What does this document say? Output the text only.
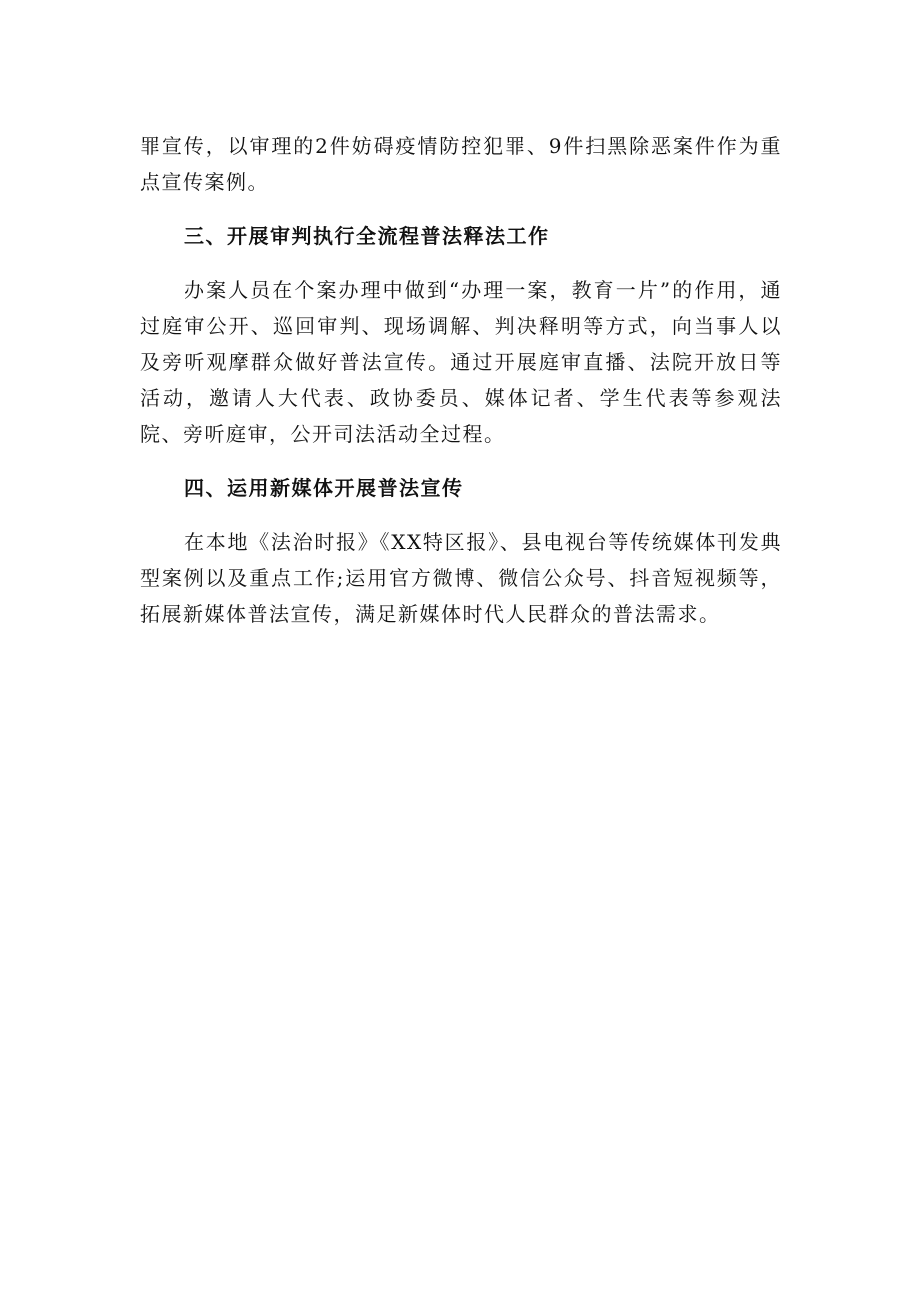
罪宣传，以审理的2件妨碍疫情防控犯罪、9件扫黑除恶案件作为重点宣传案例。

三、开展审判执行全流程普法释法工作

办案人员在个案办理中做到“办理一案，教育一片”的作用，通过庭审公开、巡回审判、现场调解、判决释明等方式，向当事人以及旁听观摩群众做好普法宣传。通过开展庭审直播、法院开放日等活动，邀请人大代表、政协委员、媒体记者、学生代表等参观法院、旁听庭审，公开司法活动全过程。

四、运用新媒体开展普法宣传

在本地《法治时报》《XX特区报》、县电视台等传统媒体刊发典型案例以及重点工作;运用官方微博、微信公众号、抖音短视频等，拓展新媒体普法宣传，满足新媒体时代人民群众的普法需求。
